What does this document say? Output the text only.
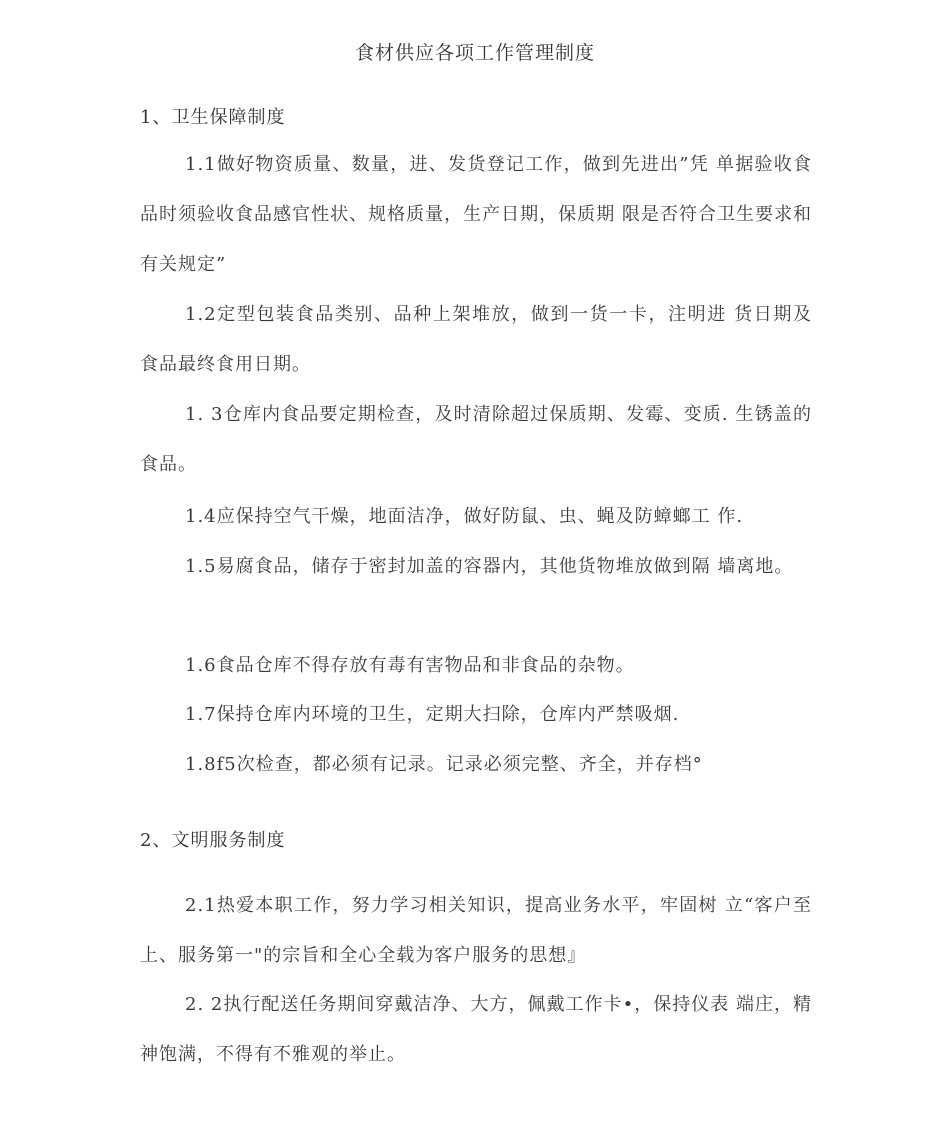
食材供应各项工作管理制度
1、卫生保障制度

1.1做好物资质量、数量，进、发货登记工作，做到先进出”凭 单据验收食品时须验收食品感官性状、规格质量，生产日期，保质期 限是否符合卫生要求和有关规定”

1.2定型包装食品类别、品种上架堆放，做到一货一卡，注明进 货日期及食品最终食用日期。

1. 3仓库内食品要定期检查，及时清除超过保质期、发霉、变质. 生锈盖的食品。

1.4应保持空气干燥，地面洁净，做好防鼠、虫、蝇及防蟑螂工 作.

1.5易腐食品，储存于密封加盖的容器内，其他货物堆放做到隔 墙离地。

1.6食品仓库不得存放有毒有害物品和非食品的杂物。

1.7保持仓库内环境的卫生，定期大扫除，仓库内严禁吸烟.

1.8f5次检查，都必须有记录。记录必须完整、齐全，并存档°

2、文明服务制度

2.1热爱本职工作，努力学习相关知识，提高业务水平，牢固树 立“客户至上、服务第一"的宗旨和全心全载为客户服务的思想』

2. 2执行配送任务期间穿戴洁净、大方，佩戴工作卡•，保持仪表 端庄，精神饱满，不得有不雅观的举止。
